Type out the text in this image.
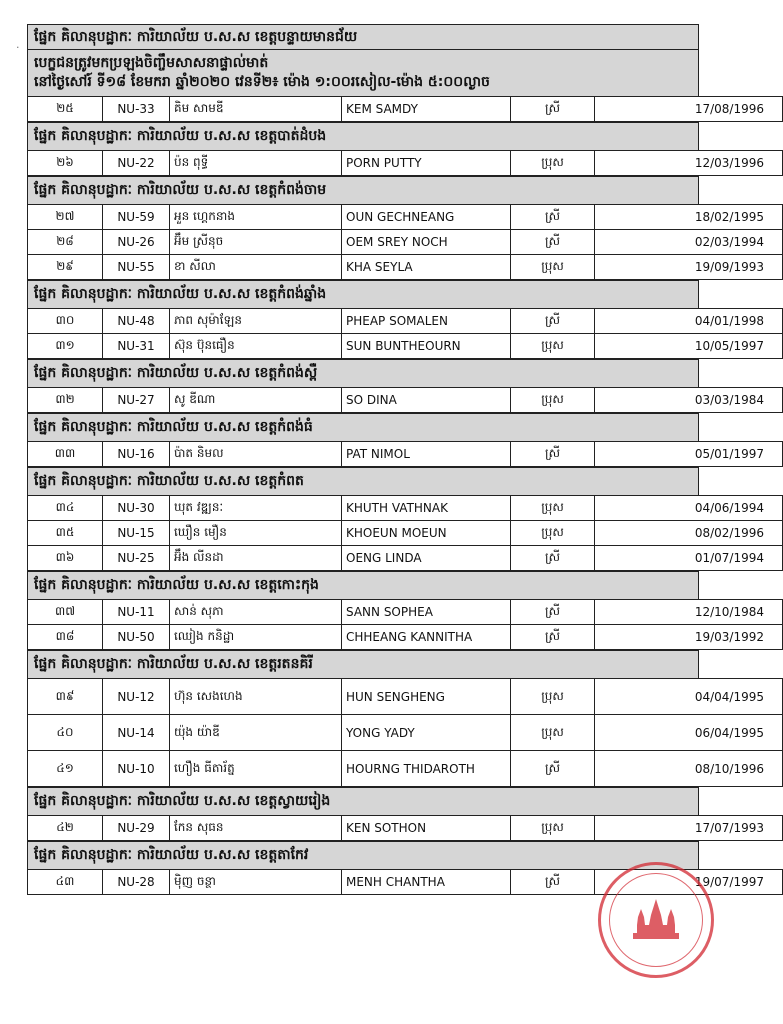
·
ផ្នែក គិលានុបដ្ឋាកៈ ការិយាល័យ ប.ស.ស ខេត្តបន្ទាយមានជ័យ
បេក្ខជនត្រូវមកប្រឡងចិញ្ចឹមសាសនាផ្ទាល់មាត់
នៅថ្ងៃសៅរ៍ ទី១៨ ខែមករា ឆ្នាំ២០២០ វេនទី២៖ ម៉ោង ១:០០រសៀល-ម៉ោង ៥:០០ល្ងាច
២៥	NU-33	គិម សាមឌី	KEM SAMDY	ស្រី	17/08/1996
ផ្នែក គិលានុបដ្ឋាកៈ ការិយាល័យ ប.ស.ស ខេត្តបាត់ដំបង
២៦	NU-22	ប៉ន ពុទ្ធី	PORN PUTTY	ប្រុស	12/03/1996
ផ្នែក គិលានុបដ្ឋាកៈ ការិយាល័យ ប.ស.ស ខេត្តកំពង់ចាម
២៧	NU-59	អួន ហ្គេកនាង	OUN GECHNEANG	ស្រី	18/02/1995
២៨	NU-26	អ៊ឹម ស្រីនុច	OEM SREY NOCH	ស្រី	02/03/1994
២៩	NU-55	ខា សីលា	KHA SEYLA	ប្រុស	19/09/1993
ផ្នែក គិលានុបដ្ឋាកៈ ការិយាល័យ ប.ស.ស ខេត្តកំពង់ឆ្នាំង
៣០	NU-48	ភាព សុម៉ាឡែន	PHEAP SOMALEN	ស្រី	04/01/1998
៣១	NU-31	ស៊ុន ប៊ុនធឿន	SUN BUNTHEOURN	ប្រុស	10/05/1997
ផ្នែក គិលានុបដ្ឋាកៈ ការិយាល័យ ប.ស.ស ខេត្តកំពង់ស្ពឺ
៣២	NU-27	សូ ឌីណា	SO DINA	ប្រុស	03/03/1984
ផ្នែក គិលានុបដ្ឋាកៈ ការិយាល័យ ប.ស.ស ខេត្តកំពង់ធំ
៣៣	NU-16	ប៉ាត និមល	PAT NIMOL	ស្រី	05/01/1997
ផ្នែក គិលានុបដ្ឋាកៈ ការិយាល័យ ប.ស.ស ខេត្តកំពត
៣៤	NU-30	ឃុត វឌ្ឍនៈ	KHUTH VATHNAK	ប្រុស	04/06/1994
៣៥	NU-15	ឃឿន មឿន	KHOEUN MOEUN	ប្រុស	08/02/1996
៣៦	NU-25	អ៊ឹង លីនដា	OENG LINDA	ស្រី	01/07/1994
ផ្នែក គិលានុបដ្ឋាកៈ ការិយាល័យ ប.ស.ស ខេត្តកោះកុង
៣៧	NU-11	សាន់ សុភា	SANN SOPHEA	ស្រី	12/10/1984
៣៨	NU-50	ឈៀង កនិដ្ឋា	CHHEANG KANNITHA	ស្រី	19/03/1992
ផ្នែក គិលានុបដ្ឋាកៈ ការិយាល័យ ប.ស.ស ខេត្តរតនគិរី
៣៩	NU-12	ហ៊ុន សេងហេង	HUN SENGHENG	ប្រុស	04/04/1995
៤០	NU-14	យ៉ុង យ៉ាឌី	YONG YADY	ប្រុស	06/04/1995
៤១	NU-10	ហឿង ធីតារ័ត្ន	HOURNG THIDAROTH	ស្រី	08/10/1996
ផ្នែក គិលានុបដ្ឋាកៈ ការិយាល័យ ប.ស.ស ខេត្តស្វាយរៀង
៤២	NU-29	កែន សុធន	KEN SOTHON	ប្រុស	17/07/1993
ផ្នែក គិលានុបដ្ឋាកៈ ការិយាល័យ ប.ស.ស ខេត្តតាកែវ
៤៣	NU-28	ម៉ិញ ចន្ថា	MENH CHANTHA	ស្រី	19/07/1997
